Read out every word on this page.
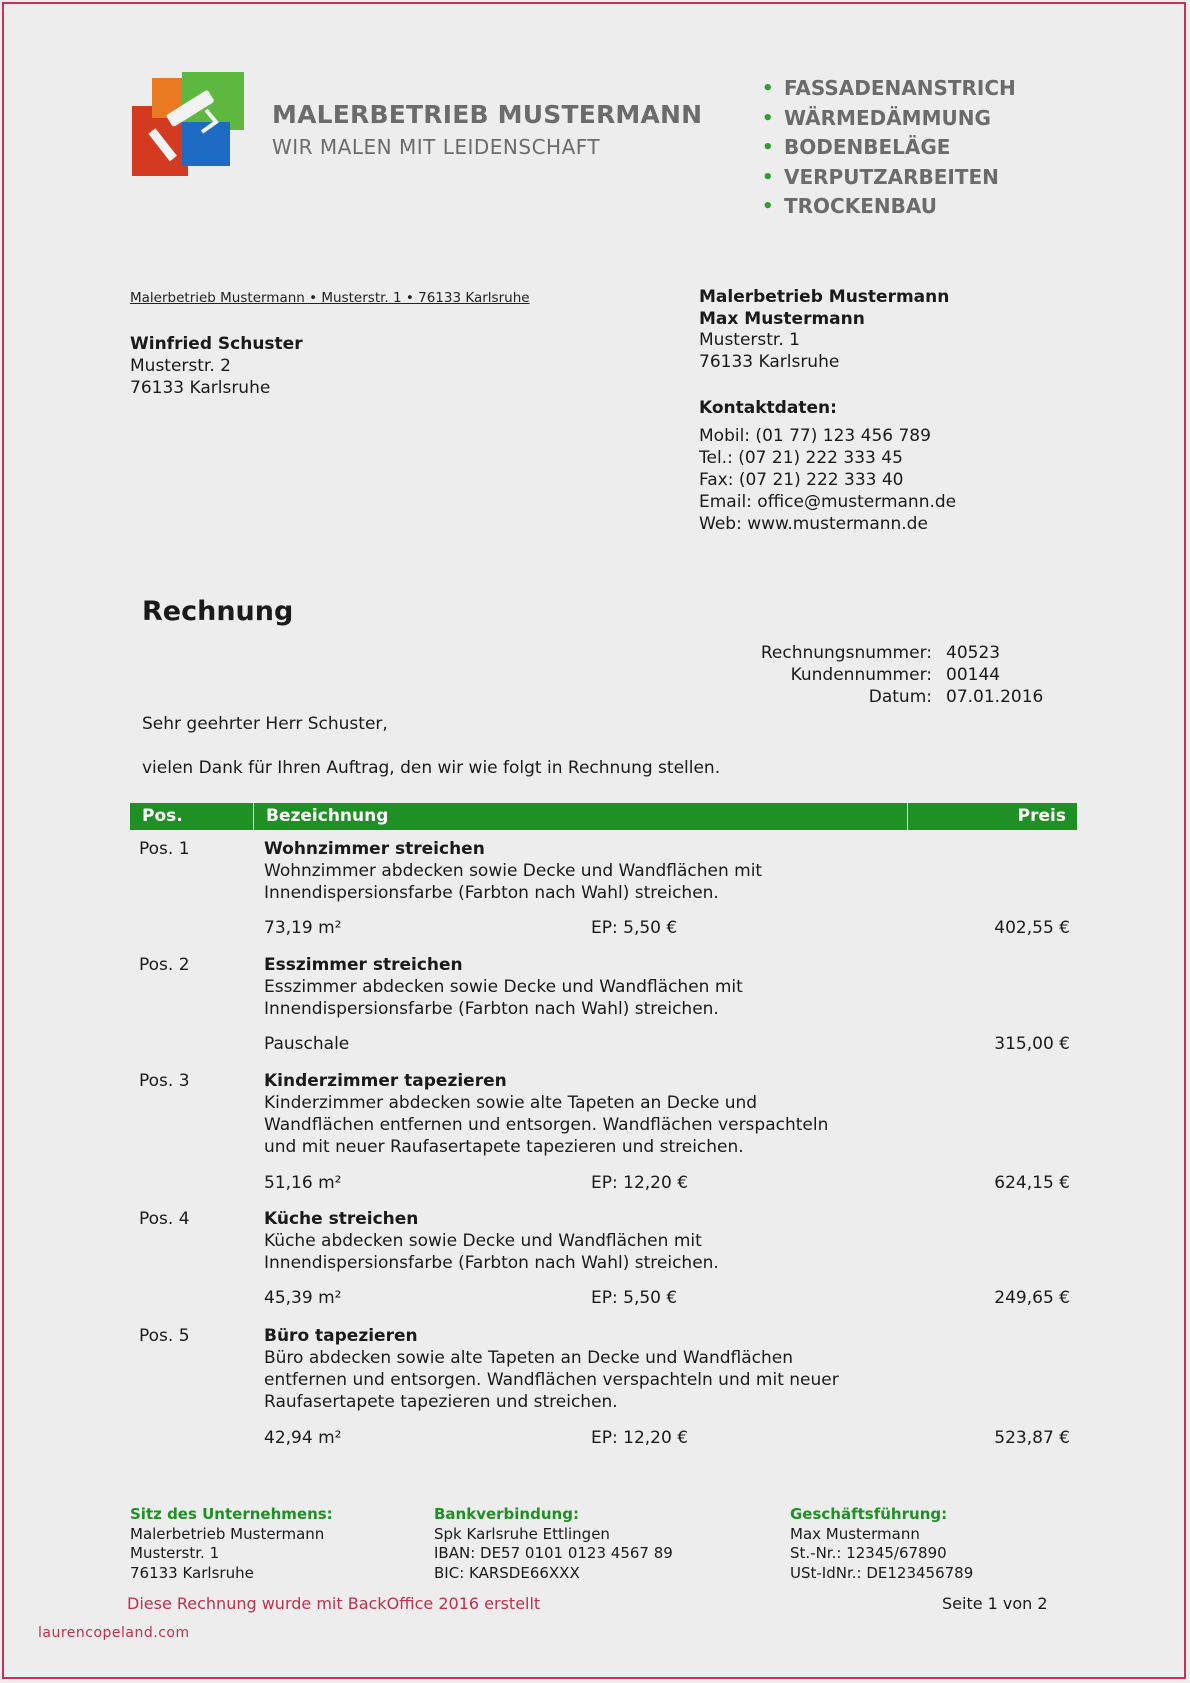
MALERBETRIEB MUSTERMANN
WIR MALEN MIT LEIDENSCHAFT
• FASSADENANSTRICH
• WÄRMEDÄMMUNG
• BODENBELÄGE
• VERPUTZARBEITEN
• TROCKENBAU
Malerbetrieb Mustermann • Musterstr. 1 • 76133 Karlsruhe
Winfried Schuster
Musterstr. 2
76133 Karlsruhe
Malerbetrieb Mustermann
Max Mustermann
Musterstr. 1
76133 Karlsruhe
Kontaktdaten:
Mobil: (01 77) 123 456 789
Tel.: (07 21) 222 333 45
Fax: (07 21) 222 333 40
Email: office@mustermann.de
Web: www.mustermann.de
Rechnung
Rechnungsnummer: 40523
Kundennummer: 00144
Datum: 07.01.2016
Sehr geehrter Herr Schuster,
vielen Dank für Ihren Auftrag, den wir wie folgt in Rechnung stellen.
Pos.	Bezeichnung	Preis
Pos. 1	Wohnzimmer streichen
Wohnzimmer abdecken sowie Decke und Wandflächen mit
Innendispersionsfarbe (Farbton nach Wahl) streichen.
73,19 m²	EP: 5,50 €	402,55 €
Pos. 2	Esszimmer streichen
Esszimmer abdecken sowie Decke und Wandflächen mit
Innendispersionsfarbe (Farbton nach Wahl) streichen.
Pauschale	315,00 €
Pos. 3	Kinderzimmer tapezieren
Kinderzimmer abdecken sowie alte Tapeten an Decke und
Wandflächen entfernen und entsorgen. Wandflächen verspachteln
und mit neuer Raufasertapete tapezieren und streichen.
51,16 m²	EP: 12,20 €	624,15 €
Pos. 4	Küche streichen
Küche abdecken sowie Decke und Wandflächen mit
Innendispersionsfarbe (Farbton nach Wahl) streichen.
45,39 m²	EP: 5,50 €	249,65 €
Pos. 5	Büro tapezieren
Büro abdecken sowie alte Tapeten an Decke und Wandflächen
entfernen und entsorgen. Wandflächen verspachteln und mit neuer
Raufasertapete tapezieren und streichen.
42,94 m²	EP: 12,20 €	523,87 €
Sitz des Unternehmens:
Malerbetrieb Mustermann
Musterstr. 1
76133 Karlsruhe
Bankverbindung:
Spk Karlsruhe Ettlingen
IBAN: DE57 0101 0123 4567 89
BIC: KARSDE66XXX
Geschäftsführung:
Max Mustermann
St.-Nr.: 12345/67890
USt-IdNr.: DE123456789
Diese Rechnung wurde mit BackOffice 2016 erstellt	Seite 1 von 2
laurencopeland.com
